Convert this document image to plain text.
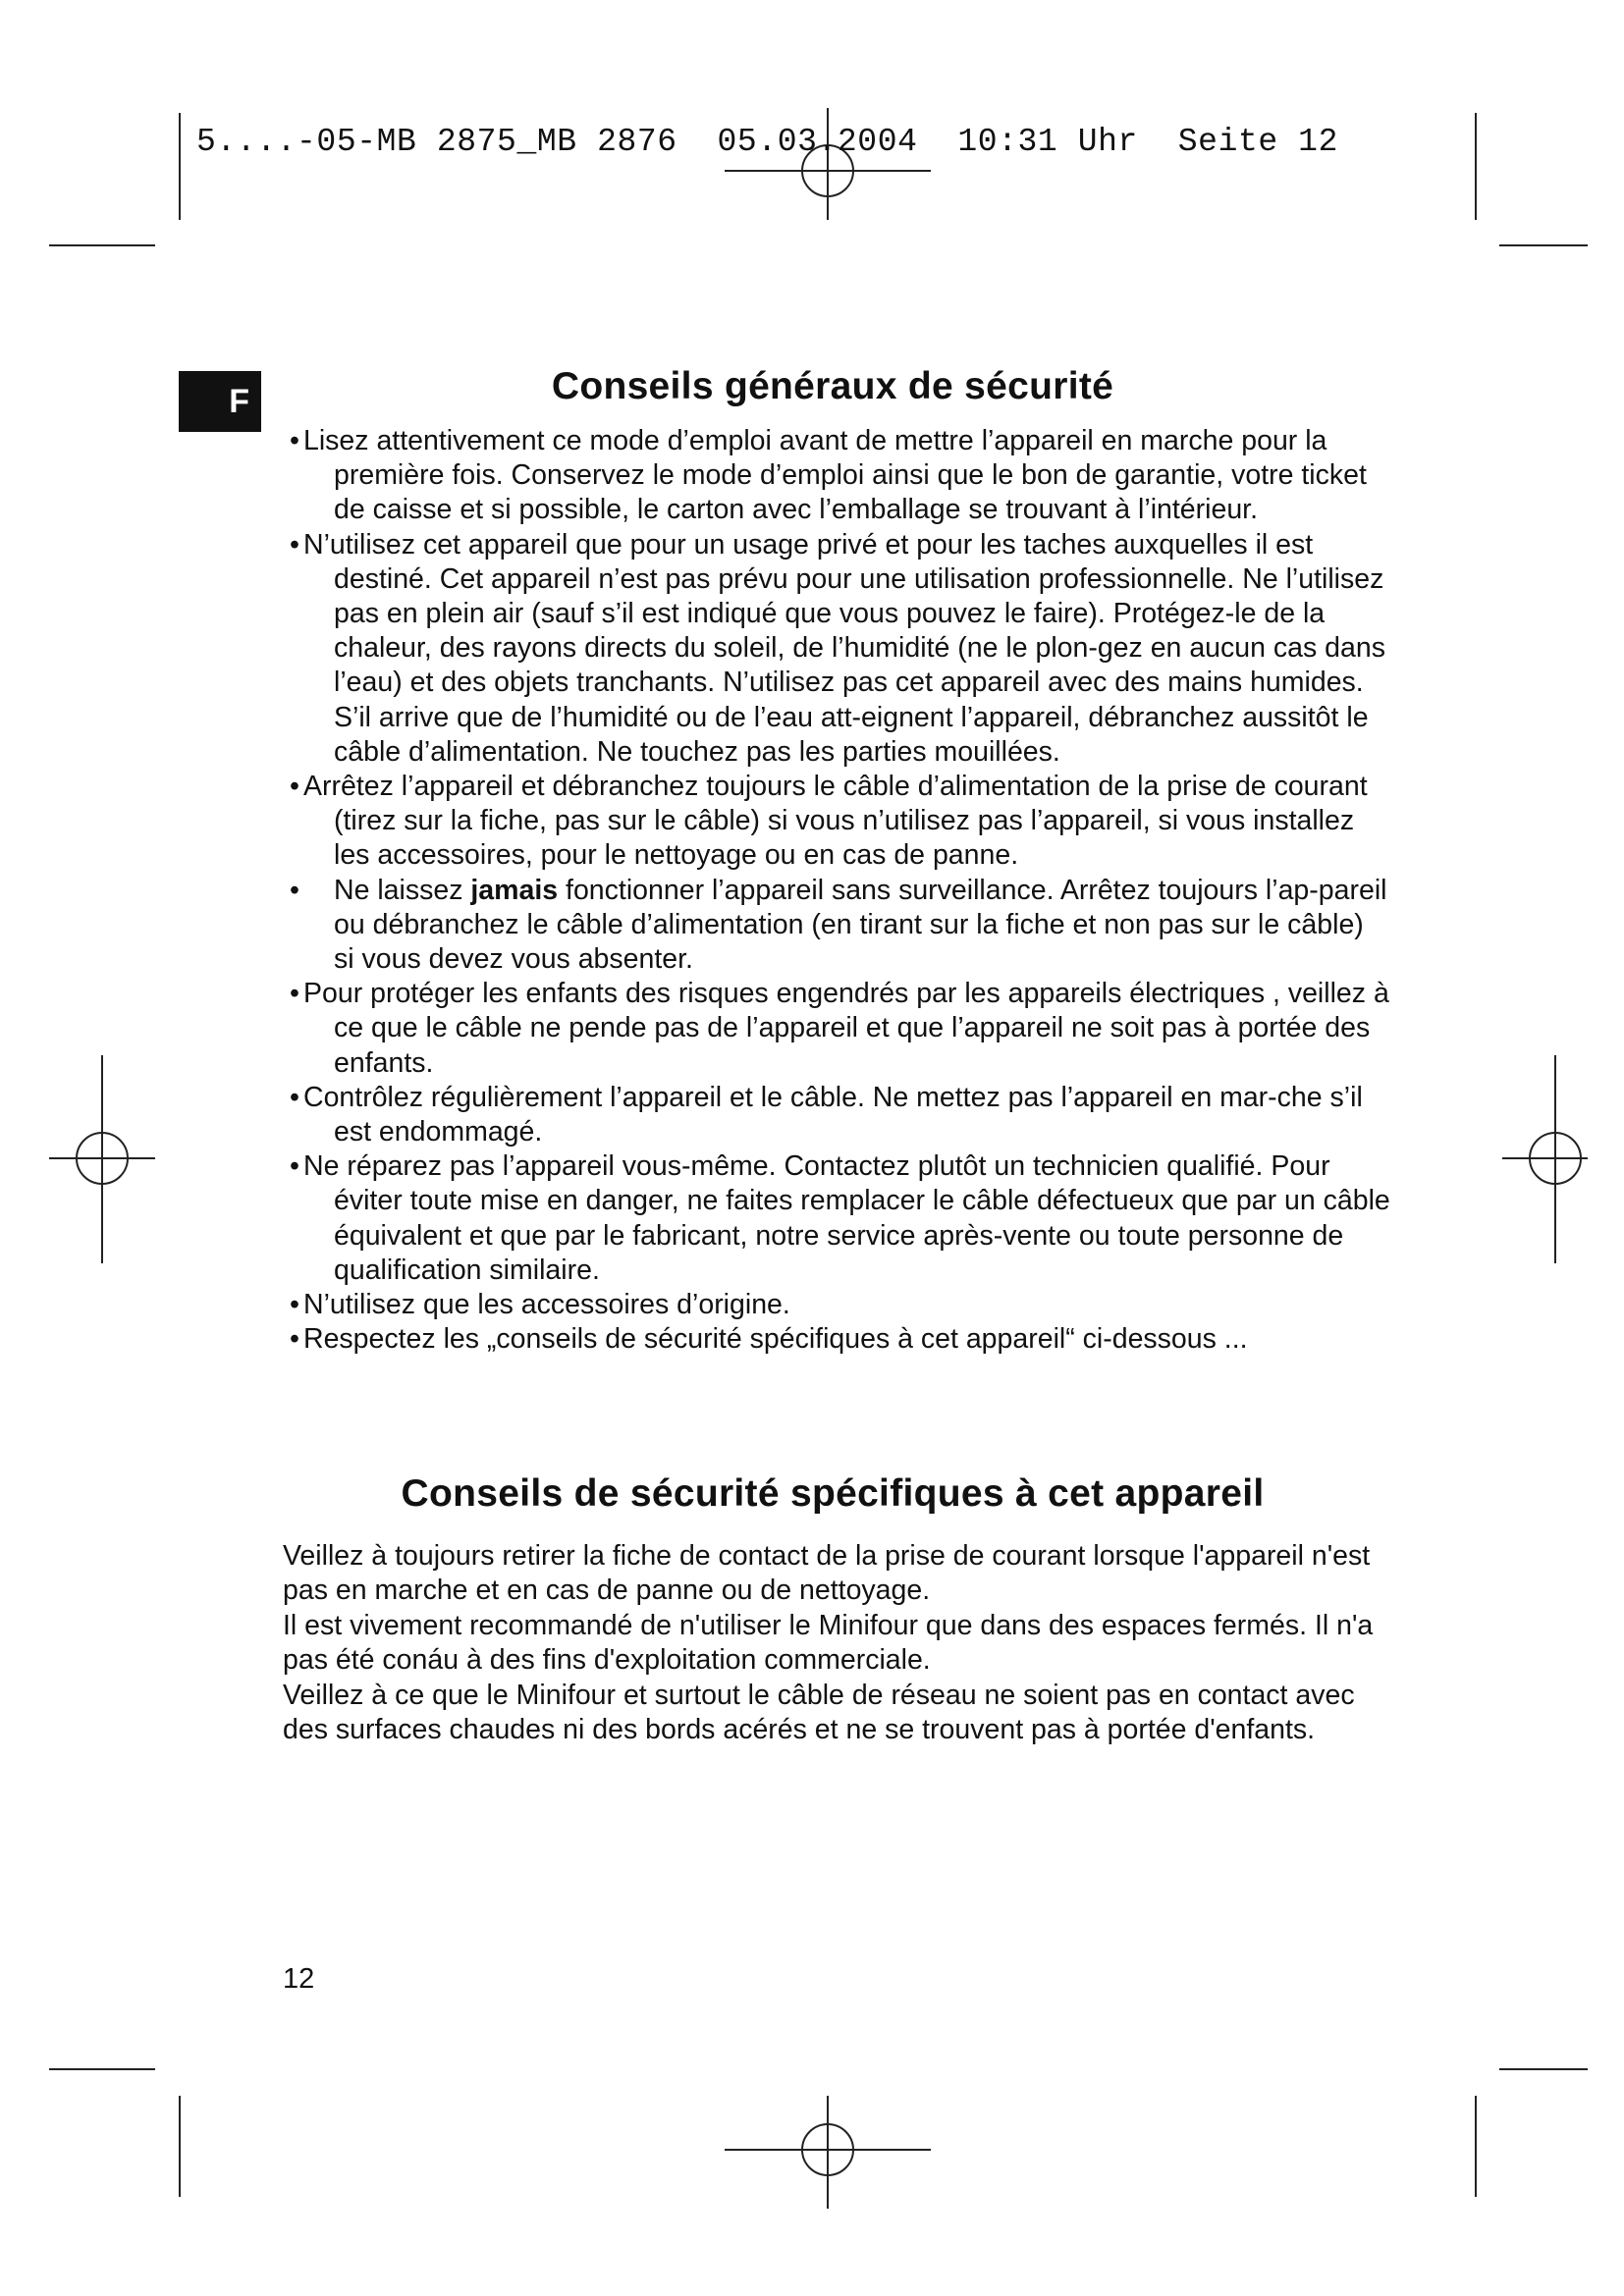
5....-05-MB 2875_MB 2876  05.03.2004  10:31 Uhr  Seite 12
F	Conseils généraux de sécurité
• Lisez attentivement ce mode d’emploi avant de mettre l’appareil en marche pour la première fois. Conservez le mode d’emploi ainsi que le bon de garantie, votre ticket de caisse et si possible, le carton avec l’emballage se trouvant à l’intérieur.
• N’utilisez cet appareil que pour un usage privé et pour les taches auxquelles il est destiné. Cet appareil n’est pas prévu pour une utilisation professionnelle. Ne l’utilisez pas en plein air (sauf s’il est indiqué que vous pouvez le faire). Protégez-le de la chaleur, des rayons directs du soleil, de l’humidité (ne le plon-gez en aucun cas dans l’eau) et des objets tranchants. N’utilisez pas cet appareil avec des mains humides. S’il arrive que de l’humidité ou de l’eau att-eignent l’appareil, débranchez aussitôt le câble d’alimentation. Ne touchez pas les parties mouillées.
• Arrêtez l’appareil et débranchez toujours le câble d’alimentation de la prise de courant (tirez sur la fiche, pas sur le câble) si vous n’utilisez pas l’appareil, si vous installez les accessoires, pour le nettoyage ou en cas de panne.
• Ne laissez jamais fonctionner l’appareil sans surveillance. Arrêtez toujours l’ap-pareil ou débranchez le câble d’alimentation (en tirant sur la fiche et non pas sur le câble) si vous devez vous absenter.
• Pour protéger les enfants des risques engendrés par les appareils électriques , veillez à ce que le câble ne pende pas de l’appareil et que l’appareil ne soit pas à portée des enfants.
• Contrôlez régulièrement l’appareil et le câble. Ne mettez pas l’appareil en mar-che s’il est endommagé.
• Ne réparez pas l’appareil vous-même. Contactez plutôt un technicien qualifié. Pour éviter toute mise en danger, ne faites remplacer le câble défectueux que par un câble équivalent et que par le fabricant, notre service après-vente ou toute personne de qualification similaire.
• N’utilisez que les accessoires d’origine.
• Respectez les „conseils de sécurité spécifiques à cet appareil“ ci-dessous ...
Conseils de sécurité spécifiques à cet appareil

Veillez à toujours retirer la fiche de contact de la prise de courant lorsque l'appareil n'est pas en marche et en cas de panne ou de nettoyage.

Il est vivement recommandé de n'utiliser le Minifour que dans des espaces fermés. Il n'a pas été conáu à des fins d'exploitation commerciale.

Veillez à ce que le Minifour et surtout le câble de réseau ne soient pas en contact avec des surfaces chaudes ni des bords acérés et ne se trouvent pas à portée d'enfants.

12
